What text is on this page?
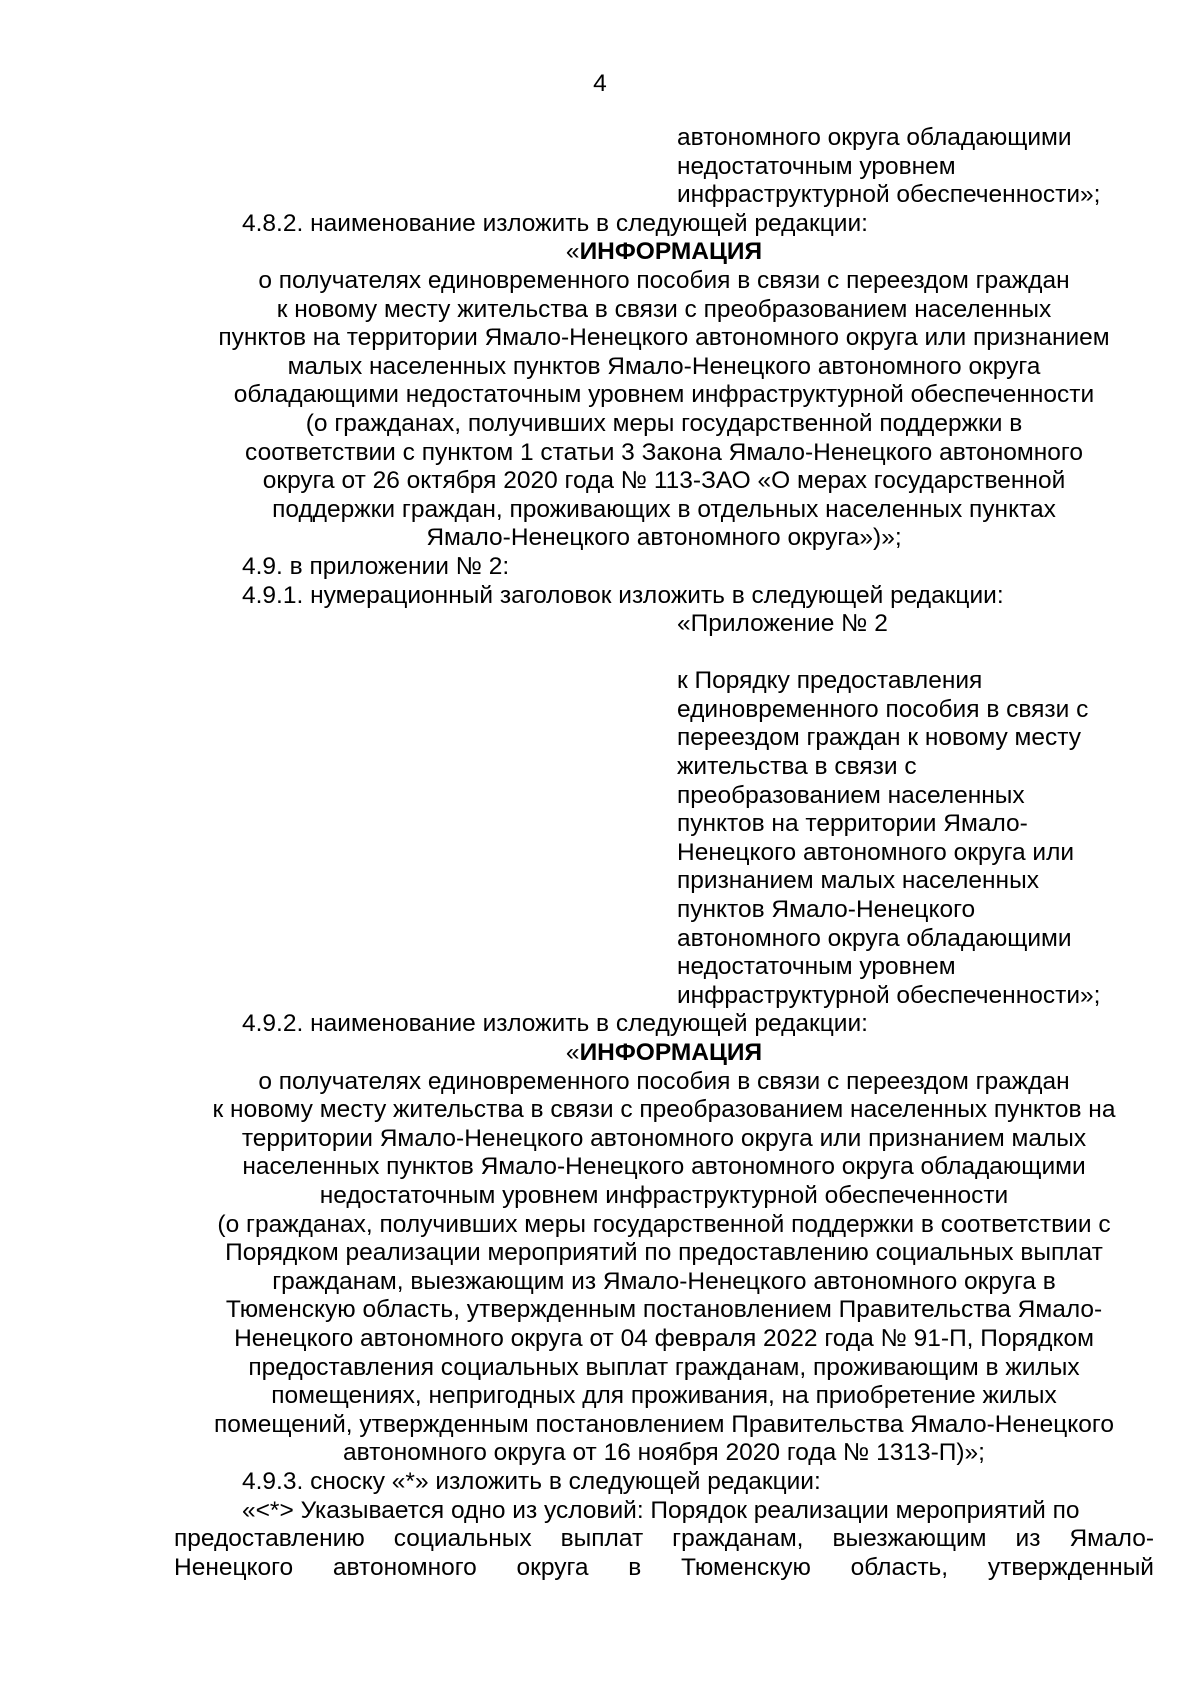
4
автономного округа обладающими
недостаточным уровнем
инфраструктурной обеспеченности»;
4.8.2. наименование изложить в следующей редакции:
«ИНФОРМАЦИЯ
о получателях единовременного пособия в связи с переездом граждан
к новому месту жительства в связи с преобразованием населенных
пунктов на территории Ямало-Ненецкого автономного округа или признанием
малых населенных пунктов Ямало-Ненецкого автономного округа
обладающими недостаточным уровнем инфраструктурной обеспеченности
(о гражданах, получивших меры государственной поддержки в
соответствии с пунктом 1 статьи 3 Закона Ямало-Ненецкого автономного
округа от 26 октября 2020 года № 113-ЗАО «О мерах государственной
поддержки граждан, проживающих в отдельных населенных пунктах
Ямало-Ненецкого автономного округа»)»;
4.9. в приложении № 2:
4.9.1. нумерационный заголовок изложить в следующей редакции:
«Приложение № 2
к Порядку предоставления
единовременного пособия в связи с
переездом граждан к новому месту
жительства в связи с
преобразованием населенных
пунктов на территории Ямало-
Ненецкого автономного округа или
признанием малых населенных
пунктов Ямало-Ненецкого
автономного округа обладающими
недостаточным уровнем
инфраструктурной обеспеченности»;
4.9.2. наименование изложить в следующей редакции:
«ИНФОРМАЦИЯ
о получателях единовременного пособия в связи с переездом граждан
к новому месту жительства в связи с преобразованием населенных пунктов на
территории Ямало-Ненецкого автономного округа или признанием малых
населенных пунктов Ямало-Ненецкого автономного округа обладающими
недостаточным уровнем инфраструктурной обеспеченности
(о гражданах, получивших меры государственной поддержки в соответствии с
Порядком реализации мероприятий по предоставлению социальных выплат
гражданам, выезжающим из Ямало-Ненецкого автономного округа в
Тюменскую область, утвержденным постановлением Правительства Ямало-
Ненецкого автономного округа от 04 февраля 2022 года № 91-П, Порядком
предоставления социальных выплат гражданам, проживающим в жилых
помещениях, непригодных для проживания, на приобретение жилых
помещений, утвержденным постановлением Правительства Ямало-Ненецкого
автономного округа от 16 ноября 2020 года № 1313-П)»;
4.9.3. сноску «*» изложить в следующей редакции:
«<*> Указывается одно из условий: Порядок реализации мероприятий по
предоставлению социальных выплат гражданам, выезжающим из Ямало-
Ненецкого автономного округа в Тюменскую область, утвержденный
